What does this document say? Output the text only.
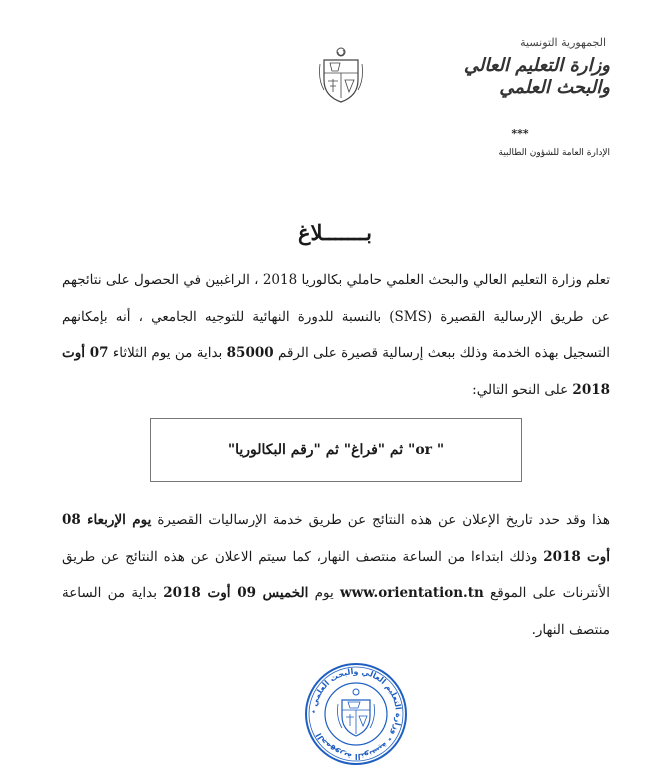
الجمهورية التونسية
وزارة التعليم العالي
والبحث العلمي
***
الإدارة العامة للشؤون الطالبية
بـــــــلاغ

تعلم وزارة التعليم العالي والبحث العلمي حاملي بكالوريا 2018 ، الراغبين في الحصول على نتائجهم عن طريق الإرسالية القصيرة (SMS) بالنسبة للدورة النهائية للتوجيه الجامعي ، أنه بإمكانهم التسجيل بهذه الخدمة وذلك ببعث إرسالية قصيرة على الرقم 85000 بداية من يوم الثلاثاء 07 أوت 2018 على النحو التالي:

" or" ثم "فراغ" ثم "رقم البكالوريا"

هذا وقد حدد تاريخ الإعلان عن هذه النتائج عن طريق خدمة الإرساليات القصيرة يوم الإربعاء 08 أوت 2018 وذلك ابتداءا من الساعة منتصف النهار، كما سيتم الاعلان عن هذه النتائج عن طريق الأنترنات على الموقع www.orientation.tn يوم الخميس 09 أوت 2018 بداية من الساعة منتصف النهار.

الجمهورية التونسية ٭ وزارة التعليم العالي والبحث العلمي ٭
